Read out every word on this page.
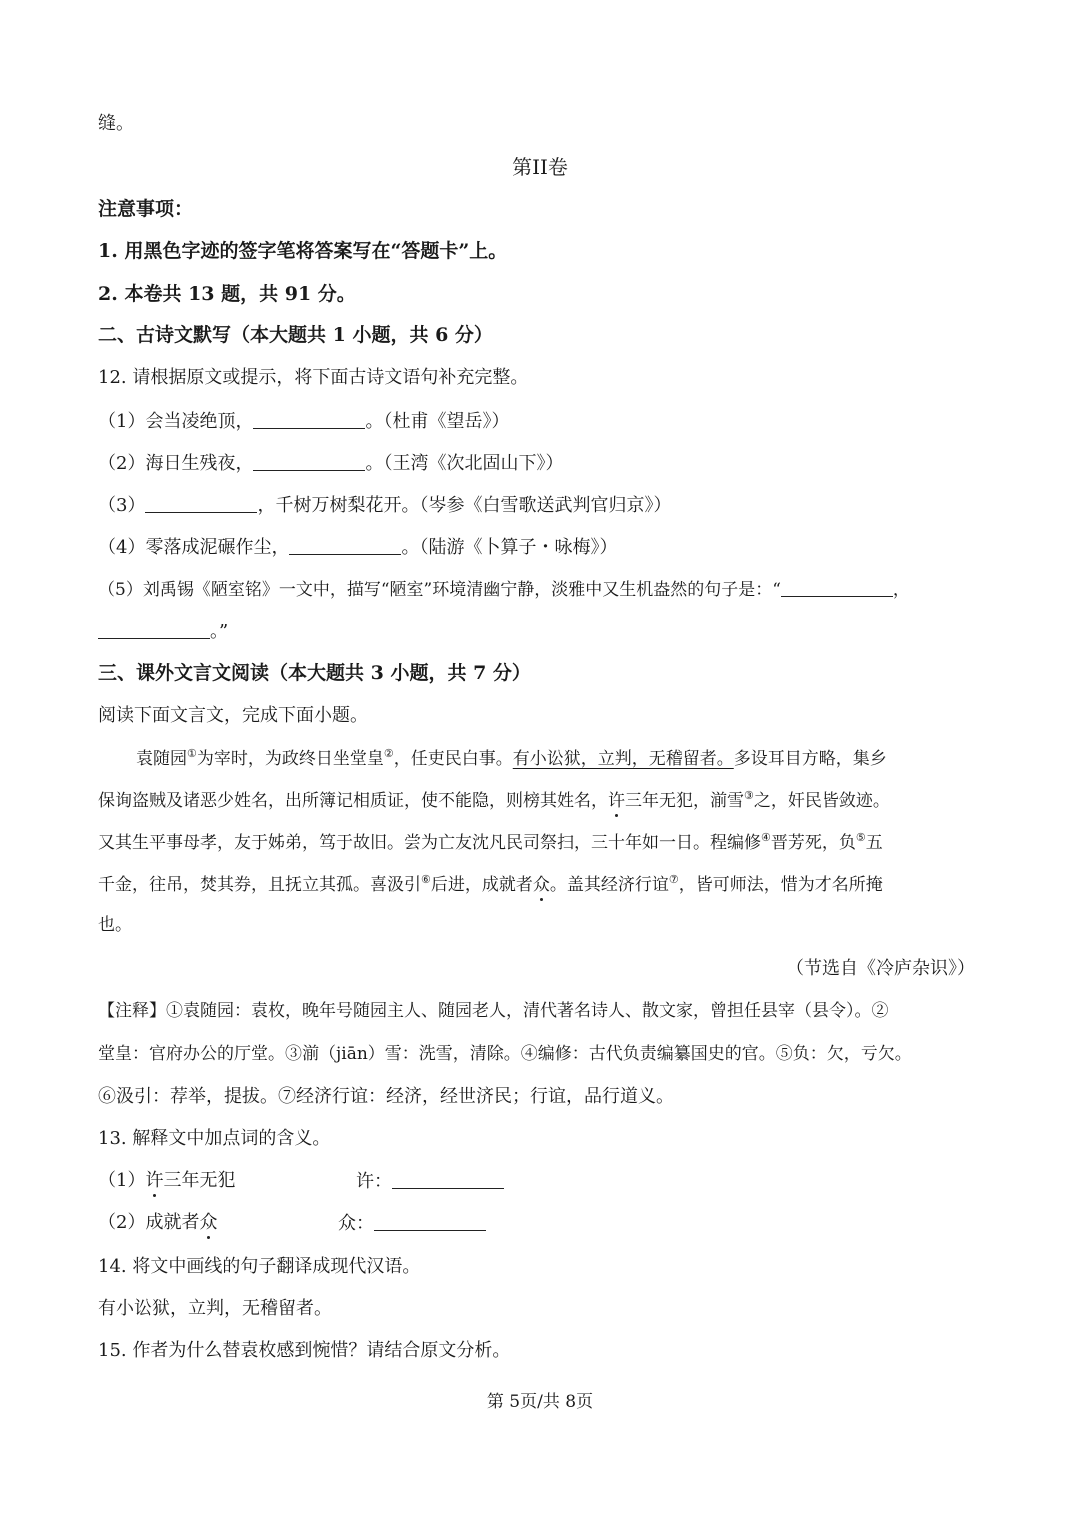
缝。
第II卷
注意事项：
1. 用黑色字迹的签字笔将答案写在“答题卡”上。
2. 本卷共 13 题，共 91 分。
二、古诗文默写（本大题共 1 小题，共 6 分）
12. 请根据原文或提示，将下面古诗文语句补充完整。
（1）会当凌绝顶，	。（杜甫《望岳》）
（2）海日生残夜，	。（王湾《次北固山下》）
（3）	，千树万树梨花开。（岑参《白雪歌送武判官归京》）
（4）零落成泥碾作尘，	。（陆游《卜算子・咏梅》）
（5）刘禹锡《陋室铭》一文中，描写“陋室”环境清幽宁静，淡雅中又生机盎然的句子是：“	，
。”
三、课外文言文阅读（本大题共 3 小题，共 7 分）
阅读下面文言文，完成下面小题。
袁随园①为宰时，为政终日坐堂皇②，任吏民白事。有小讼狱，立判，无稽留者。多设耳目方略，集乡
保询盗贼及诸恶少姓名，出所簿记相质证，使不能隐，则榜其姓名，许三年无犯，湔雪③之，奸民皆敛迹。
又其生平事母孝，友于姊弟，笃于故旧。尝为亡友沈凡民司祭扫，三十年如一日。程编修④晋芳死，负⑤五
千金，往吊，焚其券，且抚立其孤。喜汲引⑥后进，成就者众。盖其经济行谊⑦，皆可师法，惜为才名所掩
也。
（节选自《冷庐杂识》）
【注释】①袁随园：袁枚，晚年号随园主人、随园老人，清代著名诗人、散文家，曾担任县宰（县令）。②
堂皇：官府办公的厅堂。③湔（jiān）雪：洗雪，清除。④编修：古代负责编纂国史的官。⑤负：欠，亏欠。
⑥汲引：荐举，提拔。⑦经济行谊：经济，经世济民；行谊，品行道义。
13. 解释文中加点词的含义。
（1）许三年无犯	许：
（2）成就者众	众：
14. 将文中画线的句子翻译成现代汉语。
有小讼狱，立判，无稽留者。
15. 作者为什么替袁枚感到惋惜？请结合原文分析。
第 5页/共 8页
